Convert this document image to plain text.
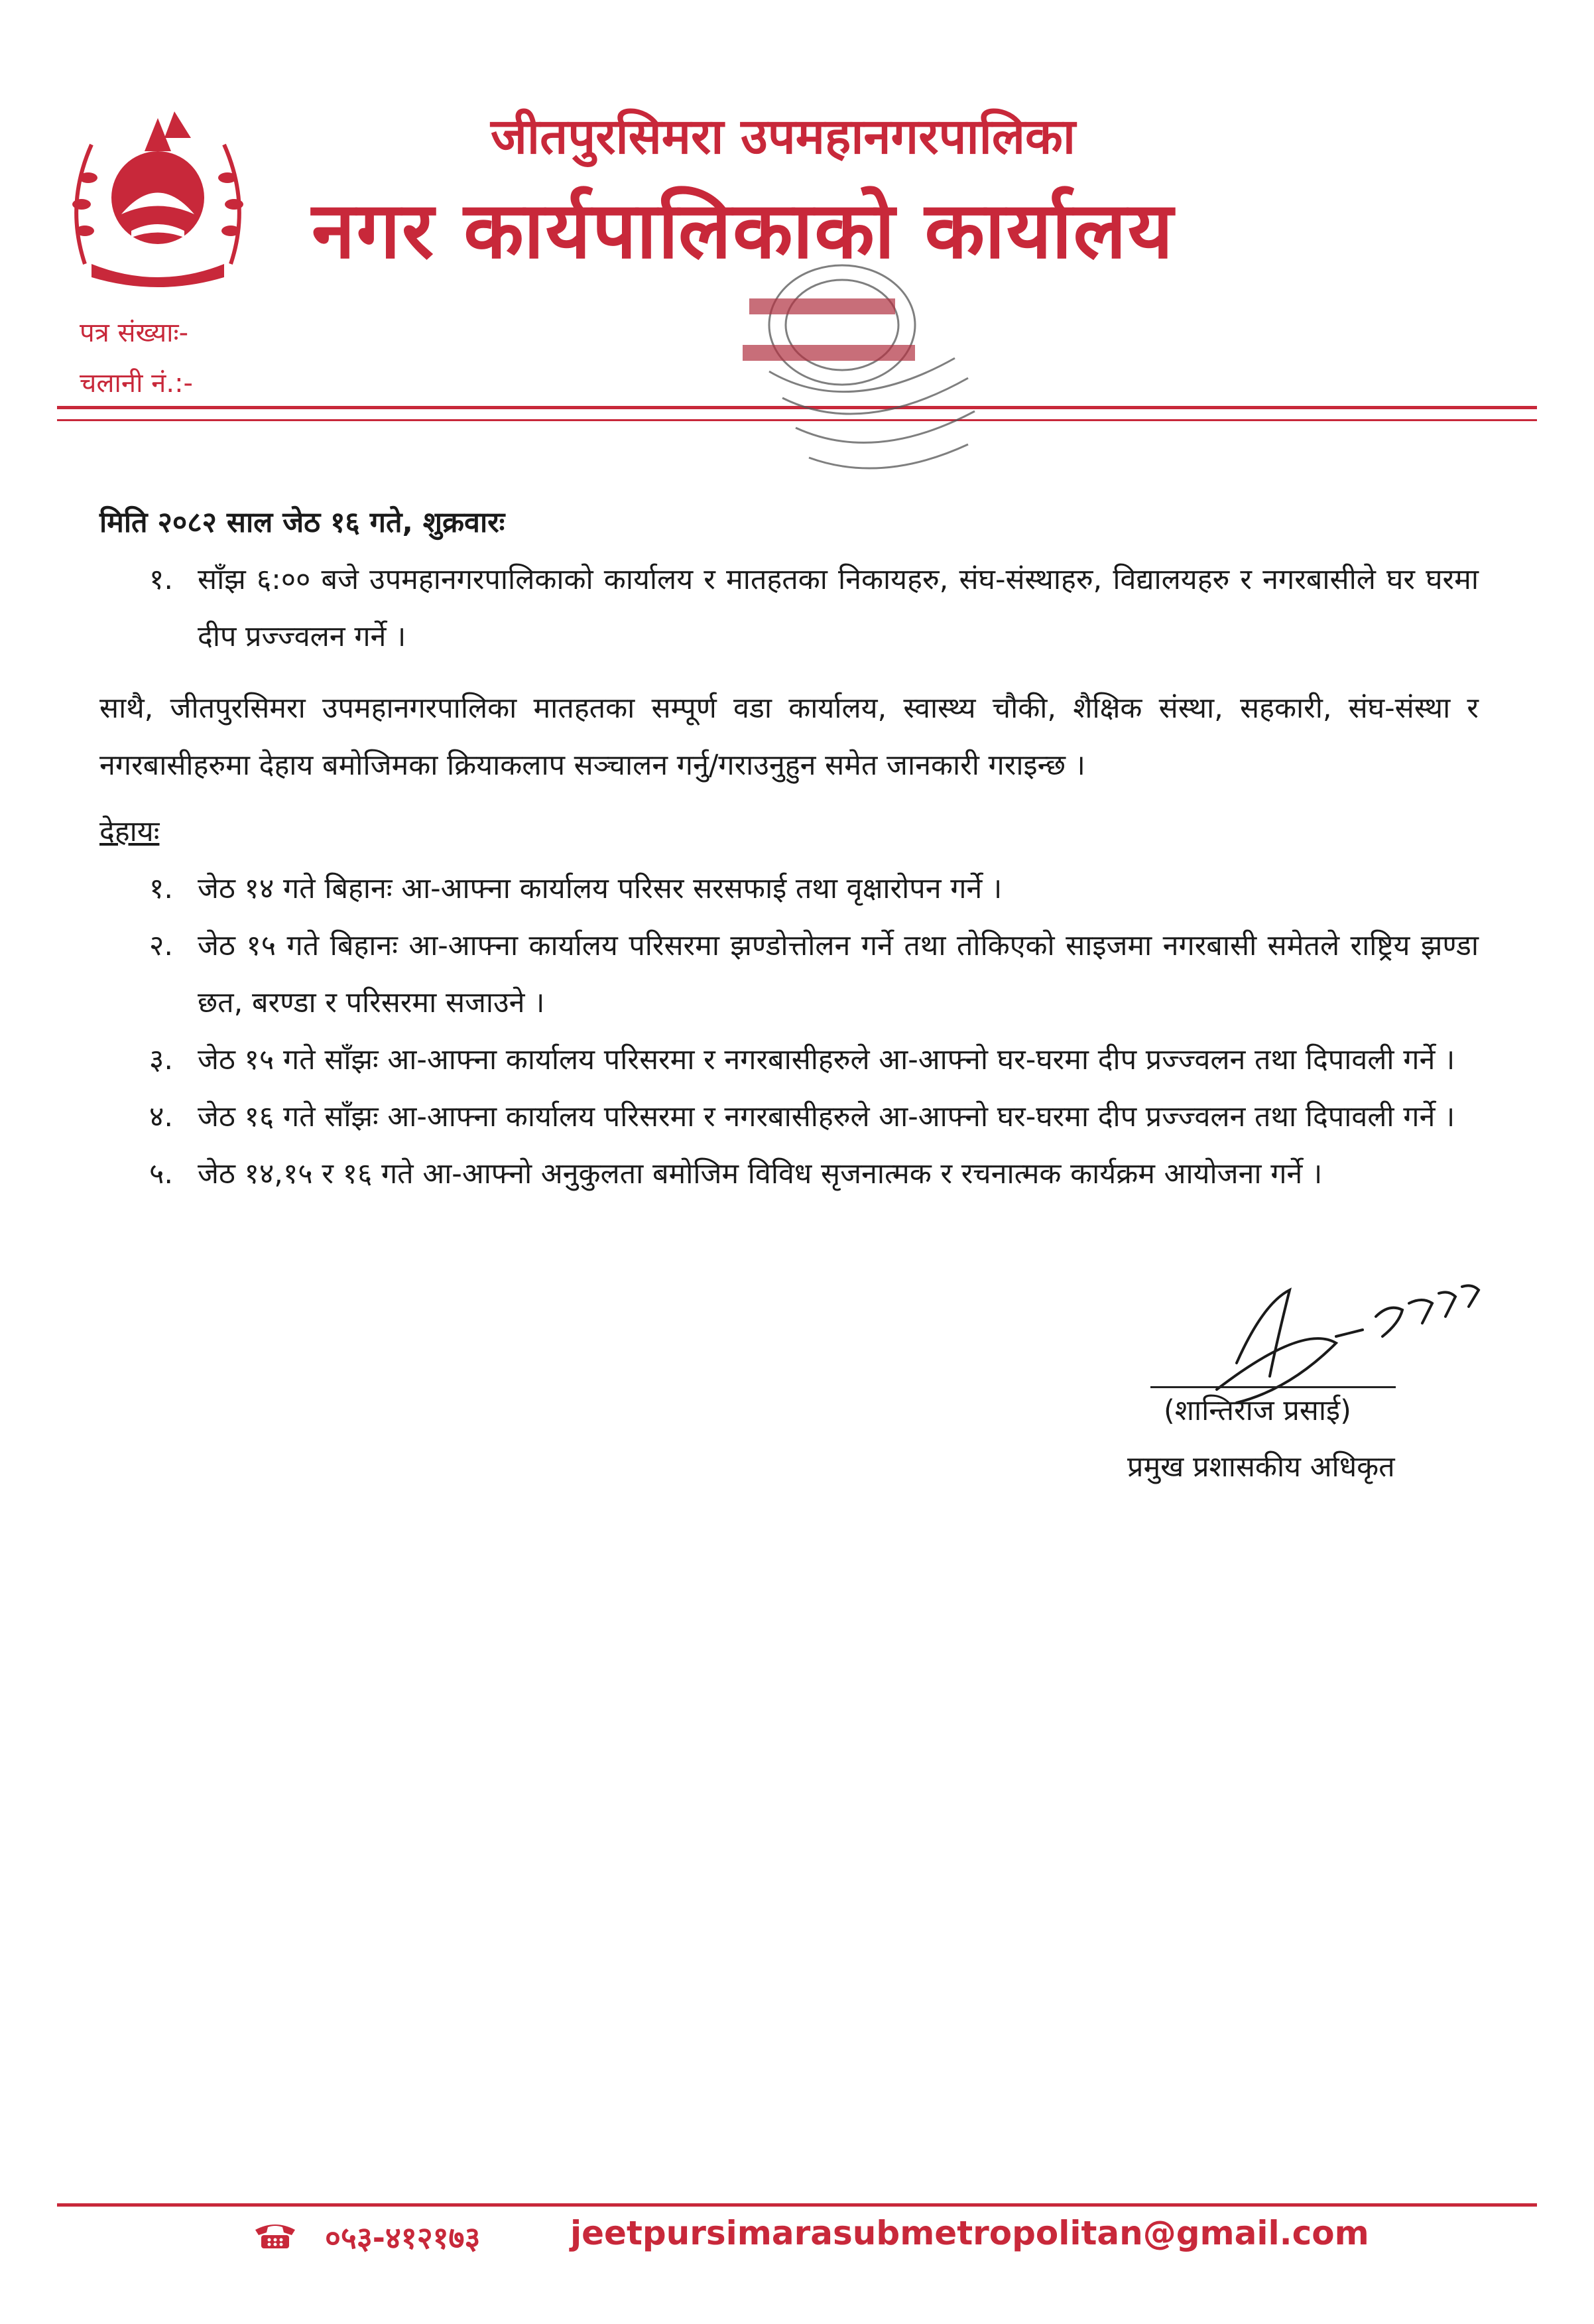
जीतपुरसिमरा उपमहानगरपालिका
नगर कार्यपालिकाको कार्यालय
पत्र संख्याः-
चलानी नं.:-

मिति २०८२ साल जेठ १६ गते, शुक्रवारः

१. साँझ ६:०० बजे उपमहानगरपालिकाको कार्यालय र मातहतका निकायहरु, संघ-संस्थाहरु, विद्यालयहरु र नगरबासीले घर घरमा दीप प्रज्ज्वलन गर्ने ।

साथै, जीतपुरसिमरा उपमहानगरपालिका मातहतका सम्पूर्ण वडा कार्यालय, स्वास्थ्य चौकी, शैक्षिक संस्था, सहकारी, संघ-संस्था र नगरबासीहरुमा देहाय बमोजिमका क्रियाकलाप सञ्चालन गर्नु/गराउनुहुन समेत जानकारी गराइन्छ ।

देहायः

१. जेठ १४ गते बिहानः आ-आफ्ना कार्यालय परिसर सरसफाई तथा वृक्षारोपन गर्ने ।
२. जेठ १५ गते बिहानः आ-आफ्ना कार्यालय परिसरमा झण्डोत्तोलन गर्ने तथा तोकिएको साइजमा नगरबासी समेतले राष्ट्रिय झण्डा छत, बरण्डा र परिसरमा सजाउने ।
३. जेठ १५ गते साँझः आ-आफ्ना कार्यालय परिसरमा र नगरबासीहरुले आ-आफ्नो घर-घरमा दीप प्रज्ज्वलन तथा दिपावली गर्ने ।
४. जेठ १६ गते साँझः आ-आफ्ना कार्यालय परिसरमा र नगरबासीहरुले आ-आफ्नो घर-घरमा दीप प्रज्ज्वलन तथा दिपावली गर्ने ।
५. जेठ १४,१५ र १६ गते आ-आफ्नो अनुकुलता बमोजिम विविध सृजनात्मक र रचनात्मक कार्यक्रम आयोजना गर्ने ।
(शान्तिराज प्रसाई)
प्रमुख प्रशासकीय अधिकृत
०५३-४१२१७३	jeetpursimarasubmetropolitan@gmail.com
